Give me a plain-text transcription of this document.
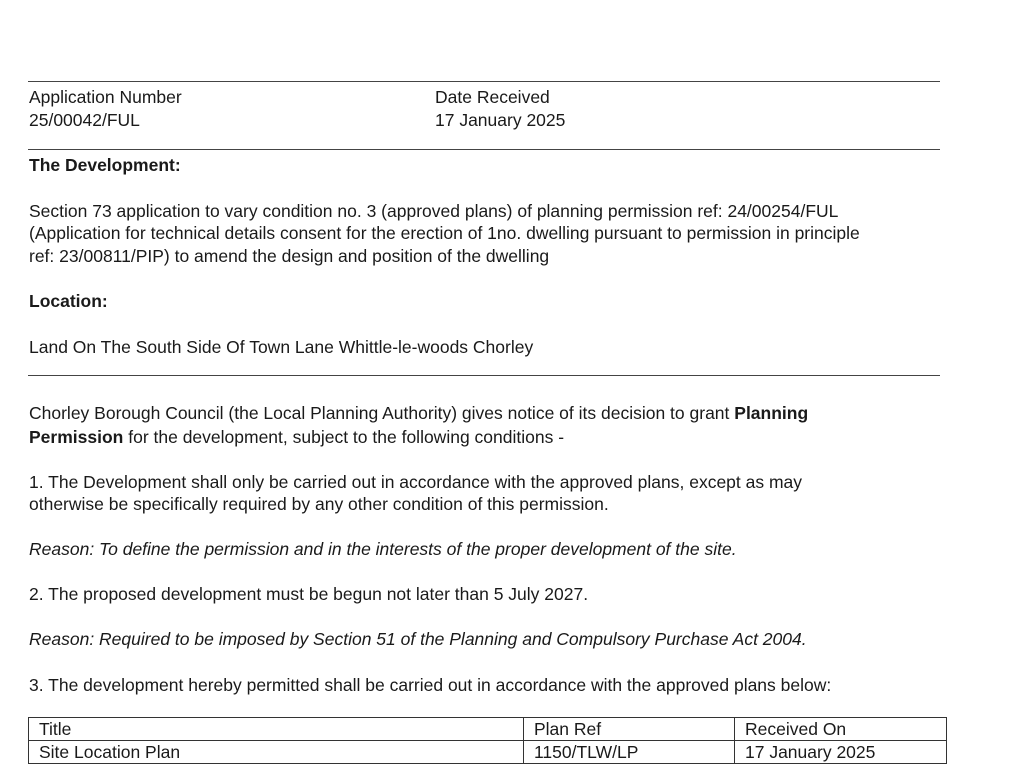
Application Number
25/00042/FUL
Date Received
17 January 2025
The Development:
Section 73 application to vary condition no. 3 (approved plans) of planning permission ref: 24/00254/FUL
(Application for technical details consent for the erection of 1no. dwelling pursuant to permission in principle
ref: 23/00811/PIP) to amend the design and position of the dwelling
Location:
Land On The South Side Of Town Lane Whittle-le-woods Chorley
Chorley Borough Council (the Local Planning Authority) gives notice of its decision to grant Planning
Permission for the development, subject to the following conditions -
1. The Development shall only be carried out in accordance with the approved plans, except as may
otherwise be specifically required by any other condition of this permission.
Reason: To define the permission and in the interests of the proper development of the site.
2. The proposed development must be begun not later than 5 July 2027.
Reason: Required to be imposed by Section 51 of the Planning and Compulsory Purchase Act 2004.
3. The development hereby permitted shall be carried out in accordance with the approved plans below:
Title	Plan Ref	Received On
Site Location Plan	1150/TLW/LP	17 January 2025
